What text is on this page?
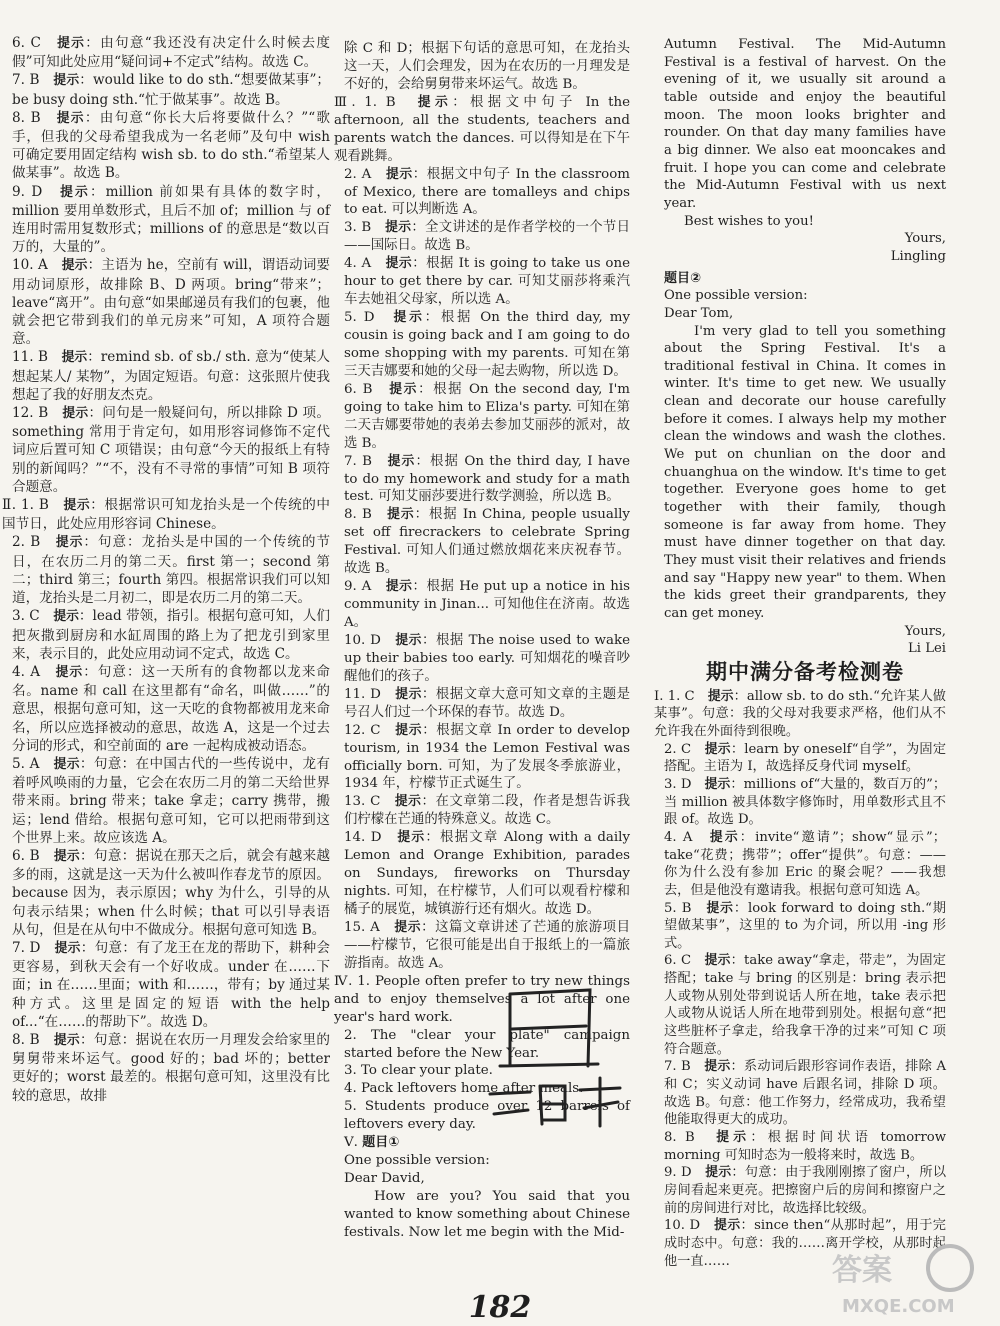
6. C　 提示：由句意“我还没有决定什么时候去度假”可知此处应用“疑问词+不定式”结构。故选 C。

7. B　 提示：would like to do sth.“想要做某事”；be busy doing sth.“忙于做某事”。故选 B。

8. B　 提示：由句意“你长大后将要做什么？”“歌手，但我的父母希望我成为一名老师”及句中 wish 可确定要用固定结构 wish sb. to do sth.“希望某人做某事”。故选 B。

9. D　 提示：million 前如果有具体的数字时，million 要用单数形式，且后不加 of；million 与 of 连用时需用复数形式；millions of 的意思是“数以百万的，大量的”。

10. A　 提示：主语为 he，空前有 will，谓语动词要用动词原形，故排除 B、D 两项。bring“带来”；leave“离开”。由句意“如果邮递员有我们的包裹，他就会把它带到我们的单元房来”可知，A 项符合题意。

11. B　 提示：remind sb. of sb./ sth. 意为“使某人想起某人/ 某物”，为固定短语。句意：这张照片使我想起了我的好朋友杰克。

12. B　 提示：问句是一般疑问句，所以排除 D 项。something 常用于肯定句，如用形容词修饰不定代词应后置可知 C 项错误；由句意“今天的报纸上有特别的新闻吗？”“不，没有不寻常的事情”可知 B 项符合题意。

Ⅱ. 1. B　 提示：根据常识可知龙抬头是一个传统的中国节日，此处应用形容词 Chinese。

2. B　 提示：句意：龙抬头是中国的一个传统的节日，在农历二月的第二天。first 第一；second 第二；third 第三；fourth 第四。根据常识我们可以知道，龙抬头是二月初二，即是农历二月的第二天。

3. C　 提示：lead 带领，指引。根据句意可知，人们把灰撒到厨房和水缸周围的路上为了把龙引到家里来，表示目的，此处应用动词不定式，故选 C。

4. A　 提示：句意：这一天所有的食物都以龙来命名。name 和 call 在这里都有“命名，叫做……”的意思，根据句意可知，这一天吃的食物都被用龙来命名，所以应选择被动的意思，故选 A，这是一个过去分词的形式，和空前面的 are 一起构成被动语态。

5. A　 提示：句意：在中国古代的一些传说中，龙有着呼风唤雨的力量，它会在农历二月的第二天给世界带来雨。bring 带来；take 拿走；carry 携带，搬运；lend 借给。根据句意可知，它可以把雨带到这个世界上来。故应该选 A。

6. B　 提示：句意：据说在那天之后，就会有越来越多的雨，这就是这一天为什么被叫作春龙节的原因。because 因为，表示原因；why 为什么，引导的从句表示结果；when 什么时候；that 可以引导表语从句，但是在从句中不做成分。根据句意可知选 B。

7. D　 提示：句意：有了龙王在龙的帮助下，耕种会更容易，到秋天会有一个好收成。under 在……下面；in 在……里面；with 和……，带有；by 通过某种方式。这里是固定的短语 with the help of...“在……的帮助下”。故选 D。

8. B　 提示：句意：据说在农历一月理发会给家里的舅舅带来坏运气。good 好的；bad 坏的；better 更好的；worst 最差的。根据句意可知，这里没有比较的意思，故排

除 C 和 D；根据下句话的意思可知，在龙抬头这一天，人们会理发，因为在农历的一月理发是不好的，会给舅舅带来坏运气。故选 B。

Ⅲ. 1. B　 提示：根据文中句子 In the afternoon, all the students, teachers and parents watch the dances. 可以得知是在下午观看跳舞。

2. A　 提示：根据文中句子 In the classroom of Mexico, there are tomalleys and chips to eat. 可以判断选 A。

3. B　 提示：全文讲述的是作者学校的一个节日——国际日。故选 B。

4. A　 提示：根据 It is going to take us one hour to get there by car. 可知艾丽莎将乘汽车去她祖父母家，所以选 A。

5. D　 提示：根据 On the third day, my cousin is going back and I am going to do some shopping with my parents. 可知在第三天吉娜要和她的父母一起去购物，所以选 D。

6. B　 提示：根据 On the second day, I'm going to take him to Eliza's party. 可知在第二天吉娜要带她的表弟去参加艾丽莎的派对，故选 B。

7. B　 提示：根据 On the third day, I have to do my homework and study for a math test. 可知艾丽莎要进行数学测验，所以选 B。

8. B　 提示：根据 In China, people usually set off firecrackers to celebrate Spring Festival. 可知人们通过燃放烟花来庆祝春节。故选 B。

9. A　 提示：根据 He put up a notice in his community in Jinan... 可知他住在济南。故选 A。

10. D　 提示：根据 The noise used to wake up their babies too early. 可知烟花的噪音吵醒他们的孩子。

11. D　 提示：根据文章大意可知文章的主题是号召人们过一个环保的春节。故选 D。

12. C　 提示：根据文章 In order to develop tourism, in 1934 the Lemon Festival was officially born. 可知，为了发展冬季旅游业，1934 年，柠檬节正式诞生了。

13. C　 提示：在文章第二段，作者是想告诉我们柠檬在芒通的特殊意义。故选 C。

14. D　 提示：根据文章 Along with a daily Lemon and Orange Exhibition, parades on Sundays, fireworks on Thursday nights. 可知，在柠檬节，人们可以观看柠檬和橘子的展览，城镇游行还有烟火。故选 D。

15. A　 提示：这篇文章讲述了芒通的旅游项目——柠檬节，它很可能是出自于报纸上的一篇旅游指南。故选 A。

Ⅳ. 1. People often prefer to try new things and to enjoy themselves a lot after one year's hard work.

2. The "clear your plate" campaign started before the New Year.

3. To clear your plate.

4. Pack leftovers home after meals.

5. Students produce over 12 barrels of leftovers every day.

Ⅴ. 题目①

One possible version:

Dear David,

How are you? You said that you wanted to know something about Chinese festivals. Now let me begin with the Mid-

Autumn Festival. The Mid-Autumn Festival is a festival of harvest. On the evening of it, we usually sit around a table outside and enjoy the beautiful moon. The moon looks brighter and rounder. On that day many families have a big dinner. We also eat mooncakes and fruit. I hope you can come and celebrate the Mid-Autumn Festival with us next year.

Best wishes to you!

Yours,

Lingling

题目②

One possible version:

Dear Tom,

I'm very glad to tell you something about the Spring Festival. It's a traditional festival in China. It comes in winter. It's time to get new. We usually clean and decorate our house carefully before it comes. I always help my mother clean the windows and wash the clothes. We put on chunlian on the door and chuanghua on the window. It's time to get together. Everyone goes home to get together with their family, though someone is far away from home. They must have dinner together on that day. They must visit their relatives and friends and say "Happy new year" to them. When the kids greet their grandparents, they can get money.

Yours,

Li Lei

期中满分备考检测卷

Ⅰ. 1. C　 提示：allow sb. to do sth.“允许某人做某事”。句意：我的父母对我要求严格，他们从不允许我在外面待到很晚。

2. C　 提示：learn by oneself“自学”，为固定搭配。主语为 I，故选择反身代词 myself。

3. D　 提示：millions of“大量的，数百万的”；当 million 被具体数字修饰时，用单数形式且不跟 of。故选 D。

4. A　 提示：invite“邀请”；show“显示”；take“花费；携带”；offer“提供”。句意：——你为什么没有参加 Eric 的聚会呢？——我想去，但是他没有邀请我。根据句意可知选 A。

5. B　 提示：look forward to doing sth.“期望做某事”，这里的 to 为介词，所以用 -ing 形式。

6. C　 提示：take away“拿走，带走”，为固定搭配；take 与 bring 的区别是：bring 表示把人或物从别处带到说话人所在地，take 表示把人或物从说话人所在地带到别处。根据句意“把这些脏杯子拿走，给我拿干净的过来”可知 C 项符合题意。

7. B　 提示：系动词后跟形容词作表语，排除 A 和 C；实义动词 have 后跟名词，排除 D 项。故选 B。句意：他工作努力，经常成功，我希望他能取得更大的成功。

8. B　 提示：根据时间状语 tomorrow morning 可知时态为一般将来时，故选 B。

9. D　 提示：句意：由于我刚刚擦了窗户，所以房间看起来更亮。把擦窗户后的房间和擦窗户之前的房间进行对比，故选择比较级。

10. D　 提示：since then“从那时起”，用于完成时态中。句意：我的……离开学校，从那时起他一直……

182
答案
MXQE.COM
